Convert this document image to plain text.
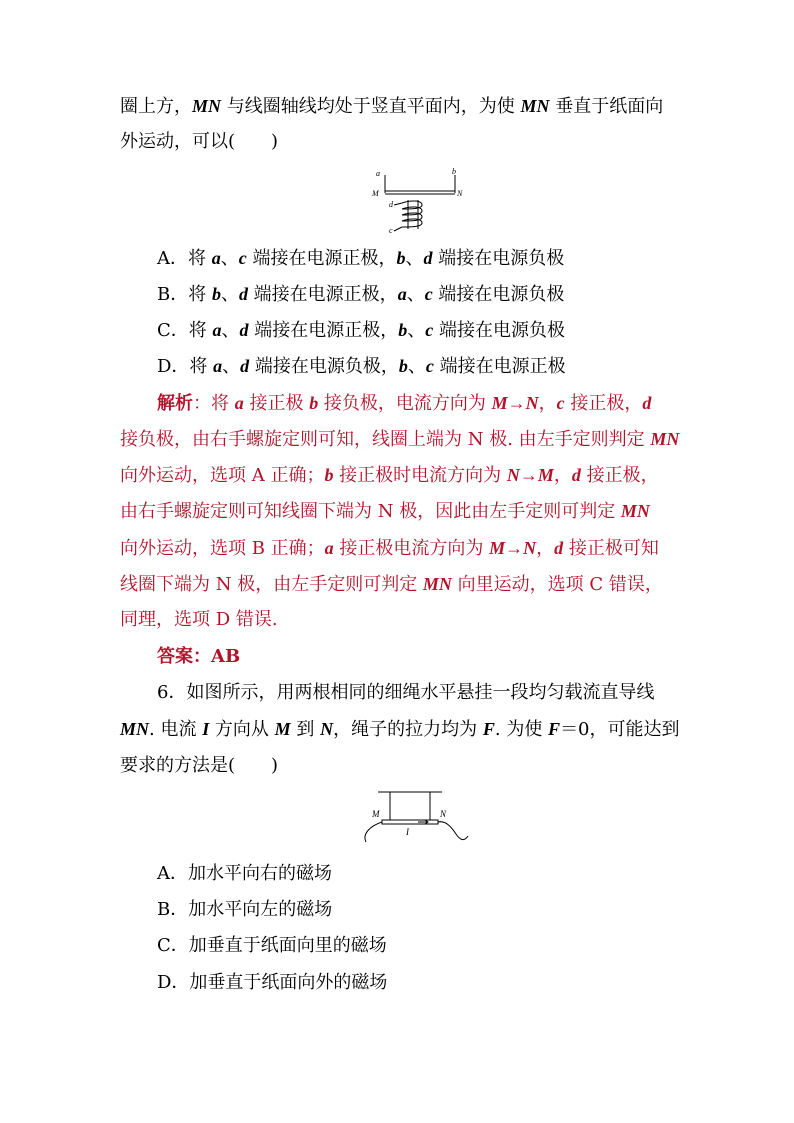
圈上方，MN 与线圈轴线均处于竖直平面内，为使 MN 垂直于纸面向
外运动，可以(　　)
a	b
M	N
d
c
A．将 a、c 端接在电源正极，b、d 端接在电源负极
B．将 b、d 端接在电源正极，a、c 端接在电源负极
C．将 a、d 端接在电源正极，b、c 端接在电源负极
D．将 a、d 端接在电源负极，b、c 端接在电源正极
解析：将 a 接正极 b 接负极，电流方向为 M→N，c 接正极，d
接负极，由右手螺旋定则可知，线圈上端为 N 极. 由左手定则判定 MN
向外运动，选项 A 正确；b 接正极时电流方向为 N→M，d 接正极，
由右手螺旋定则可知线圈下端为 N 极，因此由左手定则可判定 MN
向外运动，选项 B 正确；a 接正极电流方向为 M→N，d 接正极可知
线圈下端为 N 极，由左手定则可判定 MN 向里运动，选项 C 错误，
同理，选项 D 错误.
答案：AB
6．如图所示，用两根相同的细绳水平悬挂一段均匀载流直导线
MN. 电流 I 方向从 M 到 N，绳子的拉力均为 F. 为使 F＝0，可能达到
要求的方法是(　　)
M	N
I
A．加水平向右的磁场
B．加水平向左的磁场
C．加垂直于纸面向里的磁场
D．加垂直于纸面向外的磁场
